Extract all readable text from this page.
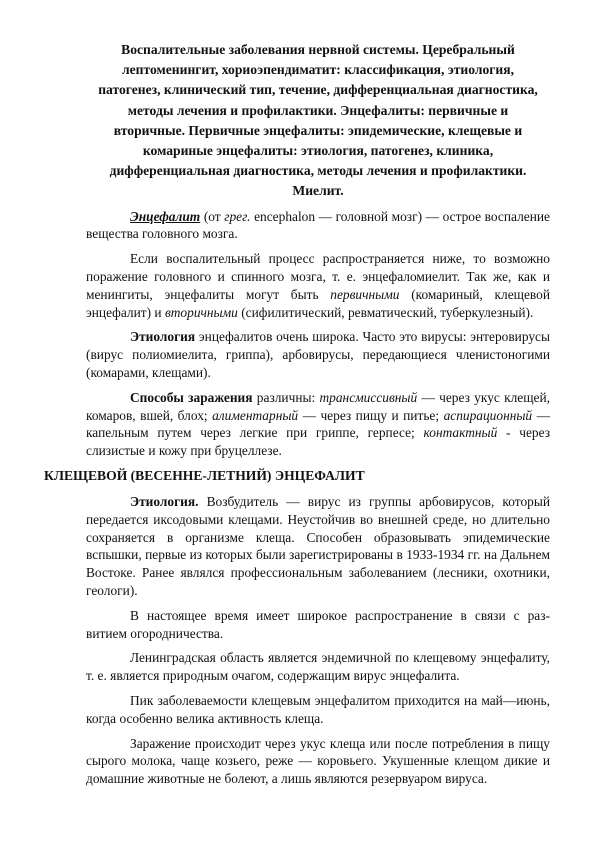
Воспалительные заболевания нервной системы. Церебральный
лептоменингит, хориоэпендиматит: классификация, этиология,
патогенез, клинический тип, течение, дифференциальная диагностика,
методы лечения и профилактики. Энцефалиты: первичные и
вторичные. Первичные энцефалиты: эпидемические, клещевые и
комариные энцефалиты: этиология, патогенез, клиника,
дифференциальная диагностика, методы лечения и профилактики.
Миелит.

Энцефалит (от грег. encephalon — головной мозг) — острое воспаление вещества головного мозга.

Если воспалительный процесс распространяется ниже, то возможно поражение головного и спинного мозга, т. е. энцефаломиелит. Так же, как и менингиты, энцефалиты могут быть первичными (комариный, клещевой энцефалит) и вторичными (сифилитический, ревматический, туберкулезный).

Этиология энцефалитов очень широка. Часто это вирусы: энтеровирусы (вирус полиомиелита, гриппа), арбовирусы, передающиеся членистоногими (комарами, клещами).

Способы заражения различны: трансмиссивный — через укус клещей, комаров, вшей, блох; алиментарный — через пищу и питье; аспирационный — капельным путем через легкие при гриппе, герпесе; контактный - через слизистые и кожу при бруцеллезе.

КЛЕЩЕВОЙ (ВЕСЕННЕ-ЛЕТНИЙ) ЭНЦЕФАЛИТ

Этиология. Возбудитель — вирус из группы арбовирусов, который передается иксодовыми клещами. Неустойчив во внешней среде, но длительно сохраняется в организме клеща. Способен образовывать эпидемические вспышки, первые из которых были зарегистрированы в 1933-1934 гг. на Дальнем Востоке. Ранее являлся профессиональным заболеванием (лесники, охотники, геологи).

В настоящее время имеет широкое распространение в связи с раз- витием огородничества.

Ленинградская область является эндемичной по клещевому энцефалиту, т. е. является природным очагом, содержащим вирус энцефалита.

Пик заболеваемости клещевым энцефалитом приходится на май—июнь, когда особенно велика активность клеща.

Заражение происходит через укус клеща или после потребления в пищу сырого молока, чаще козьего, реже — коровьего. Укушенные клещом дикие и домашние животные не болеют, а лишь являются резервуаром вируса.
